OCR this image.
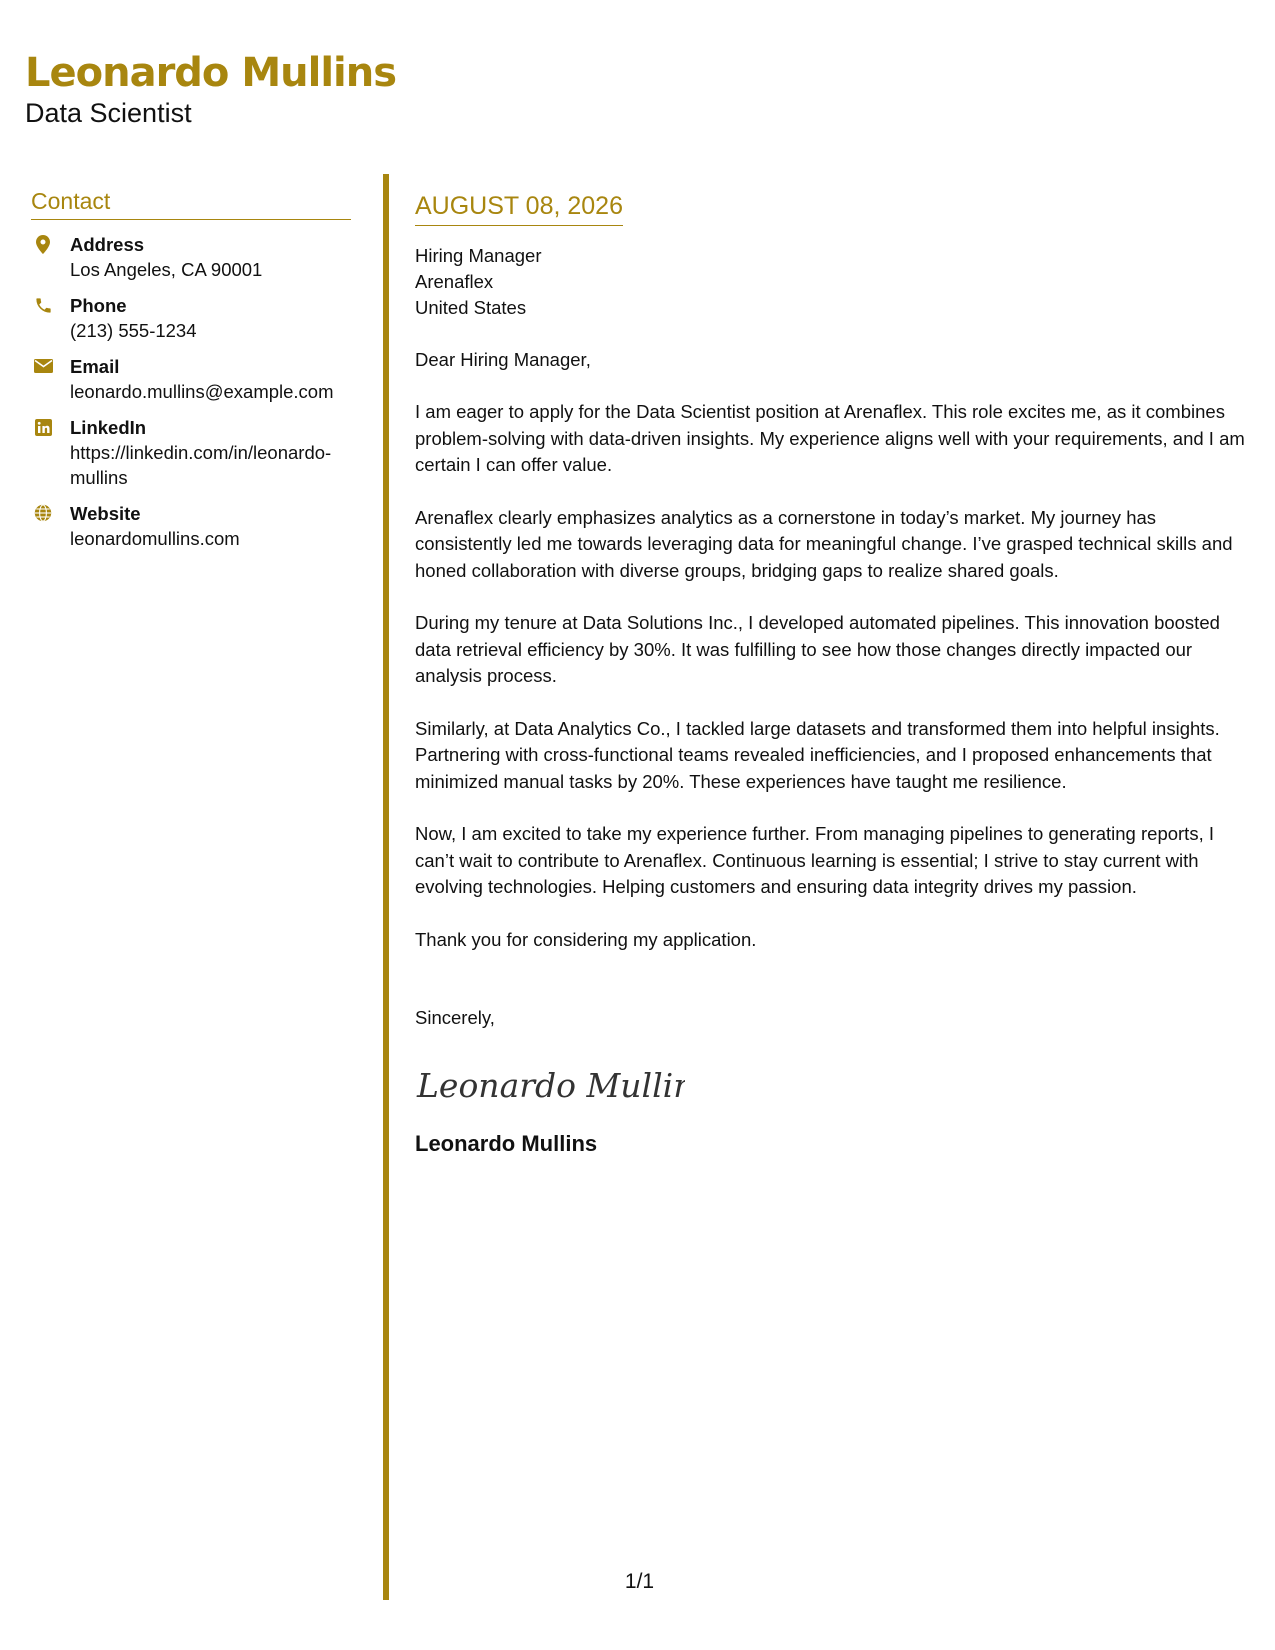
Leonardo Mullins
Data Scientist
Contact
Address
Los Angeles, CA 90001
Phone
(213) 555-1234
Email
leonardo.mullins@example.com
LinkedIn
https://linkedin.com/in/leonardo-mullins
Website
leonardomullins.com
AUGUST 08, 2026
Hiring Manager
Arenaflex
United States
Dear Hiring Manager,
I am eager to apply for the Data Scientist position at Arenaflex. This role excites me, as it combines problem-solving with data-driven insights. My experience aligns well with your requirements, and I am certain I can offer value.
Arenaflex clearly emphasizes analytics as a cornerstone in today’s market. My journey has consistently led me towards leveraging data for meaningful change. I’ve grasped technical skills and honed collaboration with diverse groups, bridging gaps to realize shared goals.
During my tenure at Data Solutions Inc., I developed automated pipelines. This innovation boosted data retrieval efficiency by 30%. It was fulfilling to see how those changes directly impacted our analysis process.
Similarly, at Data Analytics Co., I tackled large datasets and transformed them into helpful insights. Partnering with cross-functional teams revealed inefficiencies, and I proposed enhancements that minimized manual tasks by 20%. These experiences have taught me resilience.
Now, I am excited to take my experience further. From managing pipelines to generating reports, I can’t wait to contribute to Arenaflex. Continuous learning is essential; I strive to stay current with evolving technologies. Helping customers and ensuring data integrity drives my passion.
Thank you for considering my application.
Sincerely,
Leonardo Mullins
Leonardo Mullins
1/1
